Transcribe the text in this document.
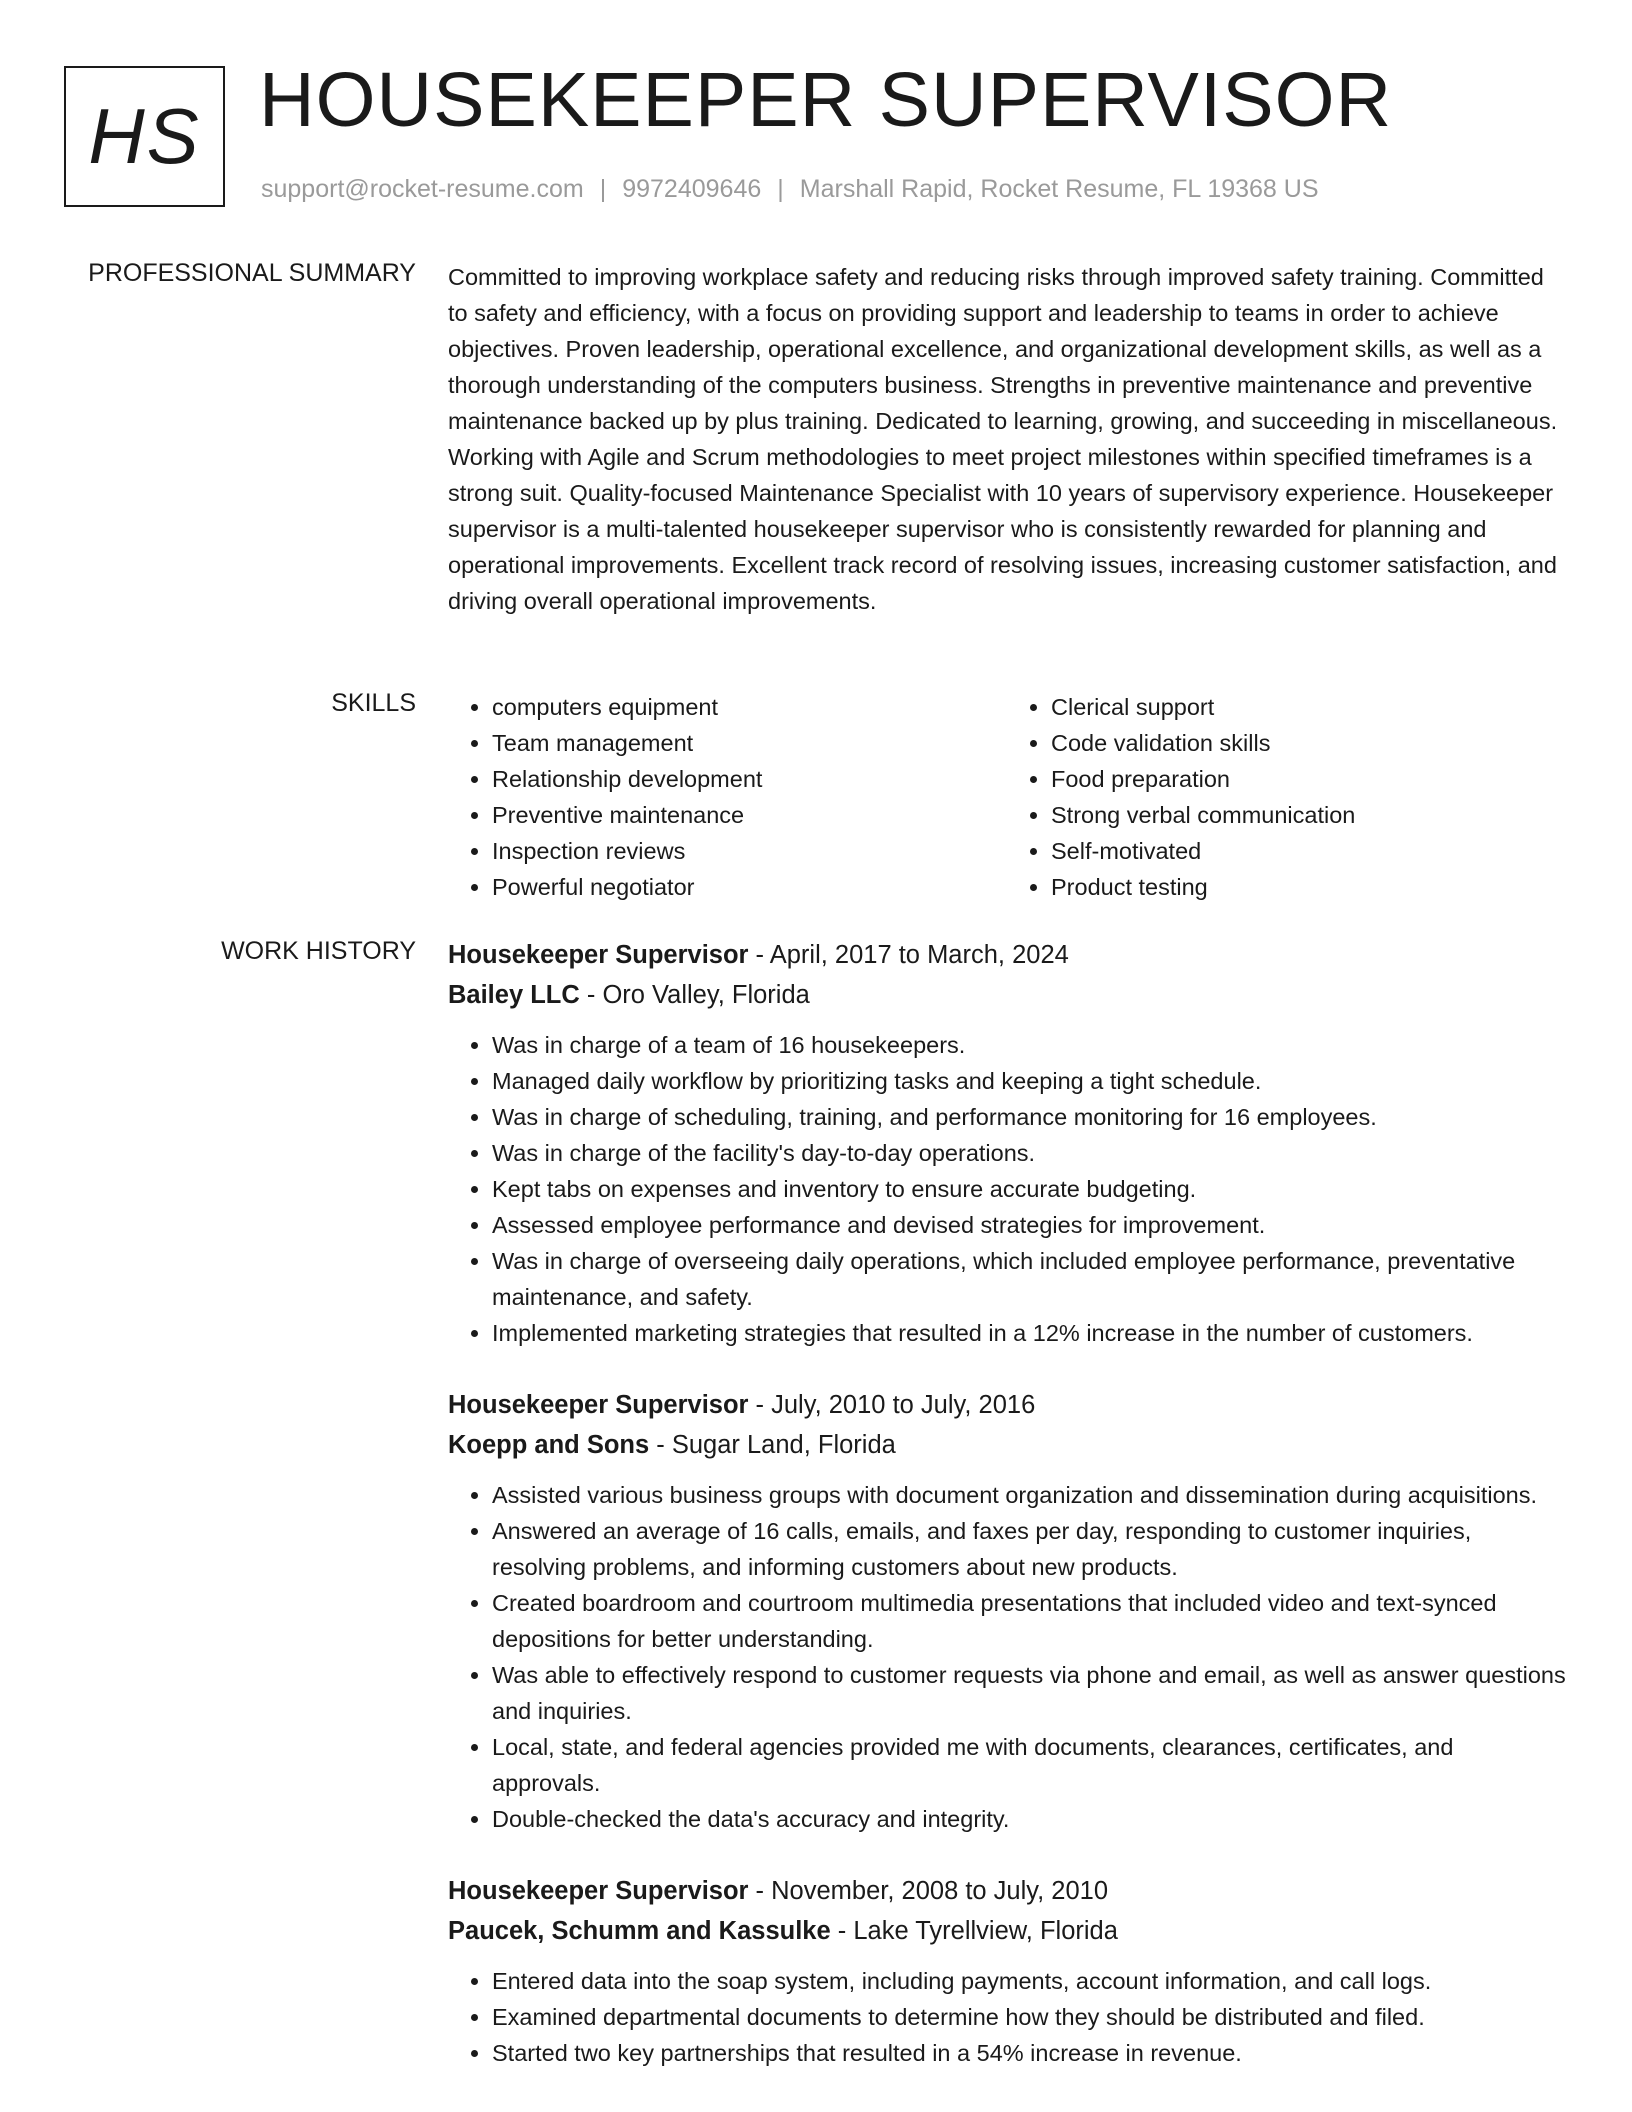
HS HOUSEKEEPER SUPERVISOR
support@rocket-resume.com | 9972409646 | Marshall Rapid, Rocket Resume, FL 19368 US
PROFESSIONAL SUMMARY Committed to improving workplace safety and reducing risks through improved safety training. Committed to safety and efficiency, with a focus on providing support and leadership to teams in order to achieve objectives. Proven leadership, operational excellence, and organizational development skills, as well as a thorough understanding of the computers business. Strengths in preventive maintenance and preventive maintenance backed up by plus training. Dedicated to learning, growing, and succeeding in miscellaneous. Working with Agile and Scrum methodologies to meet project milestones within specified timeframes is a strong suit. Quality-focused Maintenance Specialist with 10 years of supervisory experience. Housekeeper supervisor is a multi-talented housekeeper supervisor who is consistently rewarded for planning and operational improvements. Excellent track record of resolving issues, increasing customer satisfaction, and driving overall operational improvements.

SKILLS
•	computers equipment
• Team management
• Relationship development
• Preventive maintenance
• Inspection reviews
• Powerful negotiator
• Clerical support
• Code validation skills
• Food preparation
• Strong verbal communication
• Self-motivated
• Product testing
WORK HISTORY Housekeeper Supervisor - April, 2017 to March, 2024
Bailey LLC - Oro Valley, Florida
• Was in charge of a team of 16 housekeepers.
• Managed daily workflow by prioritizing tasks and keeping a tight schedule.
• Was in charge of scheduling, training, and performance monitoring for 16 employees.
• Was in charge of the facility's day-to-day operations.
• Kept tabs on expenses and inventory to ensure accurate budgeting.
• Assessed employee performance and devised strategies for improvement.
• Was in charge of overseeing daily operations, which included employee performance, preventative maintenance, and safety.
• Implemented marketing strategies that resulted in a 12% increase in the number of customers.
Housekeeper Supervisor - July, 2010 to July, 2016
Koepp and Sons - Sugar Land, Florida
• Assisted various business groups with document organization and dissemination during acquisitions.
• Answered an average of 16 calls, emails, and faxes per day, responding to customer inquiries, resolving problems, and informing customers about new products.
• Created boardroom and courtroom multimedia presentations that included video and text-synced depositions for better understanding.
• Was able to effectively respond to customer requests via phone and email, as well as answer questions and inquiries.
• Local, state, and federal agencies provided me with documents, clearances, certificates, and approvals.
• Double-checked the data's accuracy and integrity.
Housekeeper Supervisor - November, 2008 to July, 2010
Paucek, Schumm and Kassulke - Lake Tyrellview, Florida
• Entered data into the soap system, including payments, account information, and call logs.
• Examined departmental documents to determine how they should be distributed and filed.
• Started two key partnerships that resulted in a 54% increase in revenue.
